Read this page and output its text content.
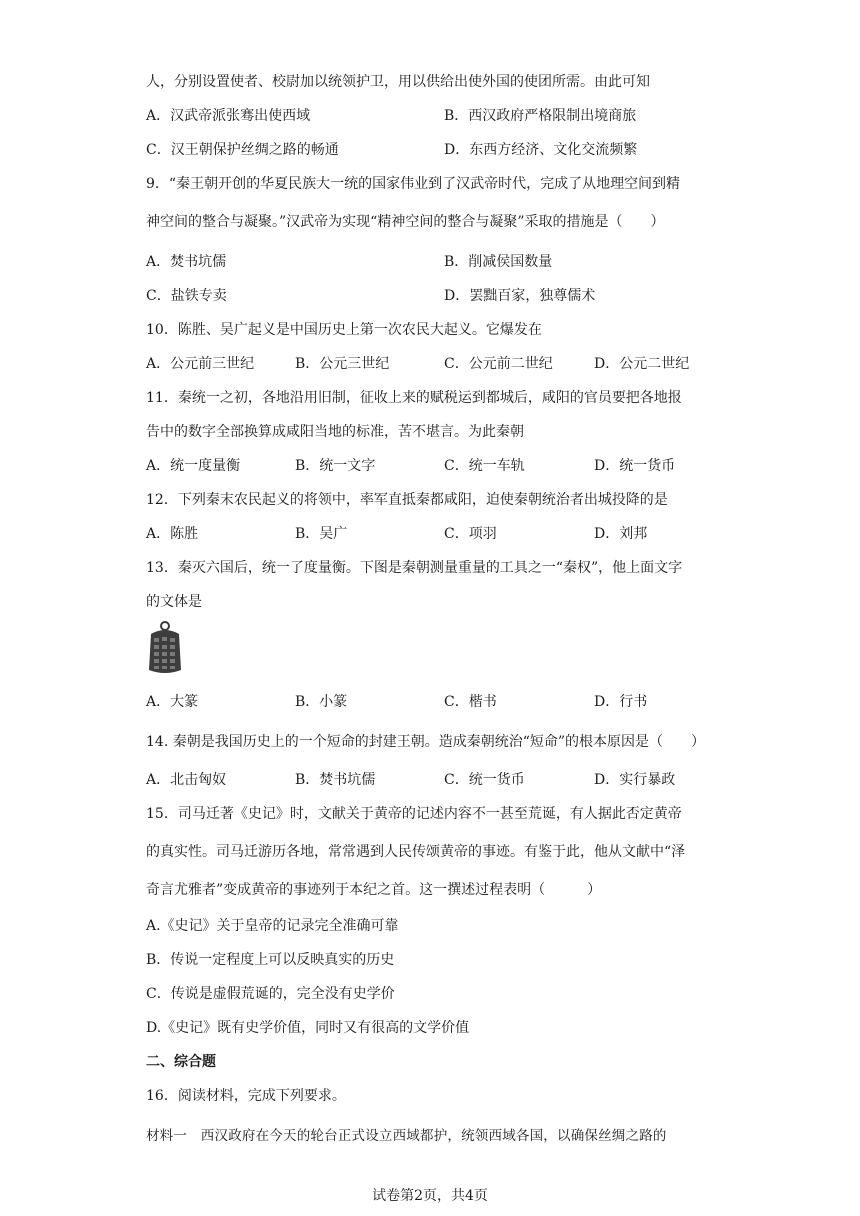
人，分别设置使者、校尉加以统领护卫，用以供给出使外国的使团所需。由此可知
A．汉武帝派张骞出使西域	B．西汉政府严格限制出境商旅
C．汉王朝保护丝绸之路的畅通	D．东西方经济、文化交流频繁
9．“秦王朝开创的华夏民族大一统的国家伟业到了汉武帝时代，完成了从地理空间到精
神空间的整合与凝聚。”汉武帝为实现“精神空间的整合与凝聚”采取的措施是（　　）
A．焚书坑儒	B．削减侯国数量
C．盐铁专卖	D．罢黜百家，独尊儒术
10．陈胜、吴广起义是中国历史上第一次农民大起义。它爆发在
A．公元前三世纪	B．公元三世纪	C．公元前二世纪	D．公元二世纪
11．秦统一之初，各地沿用旧制，征收上来的赋税运到都城后，咸阳的官员要把各地报
告中的数字全部换算成咸阳当地的标准，苦不堪言。为此秦朝
A．统一度量衡	B．统一文字	C．统一车轨	D．统一货币
12．下列秦末农民起义的将领中，率军直抵秦都咸阳，迫使秦朝统治者出城投降的是
A．陈胜	B．吴广	C．项羽	D．刘邦
13．秦灭六国后，统一了度量衡。下图是秦朝测量重量的工具之一“秦权”，他上面文字
的文体是
A．大篆	B．小篆	C．楷书	D．行书
14. 秦朝是我国历史上的一个短命的封建王朝。造成秦朝统治“短命”的根本原因是（　　）
A．北击匈奴	B．焚书坑儒	C．统一货币	D．实行暴政
15．司马迁著《史记》时，文献关于黄帝的记述内容不一甚至荒诞，有人据此否定黄帝
的真实性。司马迁游历各地，常常遇到人民传颂黄帝的事迹。有鉴于此，他从文献中“泽
奇言尤雅者”变成黄帝的事迹列于本纪之首。这一撰述过程表明（　　　）
A.《史记》关于皇帝的记录完全准确可靠
B．传说一定程度上可以反映真实的历史
C．传说是虚假荒诞的，完全没有史学价
D.《史记》既有史学价值，同时又有很高的文学价值
二、综合题
16．阅读材料，完成下列要求。
材料一　西汉政府在今天的轮台正式设立西域都护，统领西域各国，以确保丝绸之路的
试卷第2页，共4页
